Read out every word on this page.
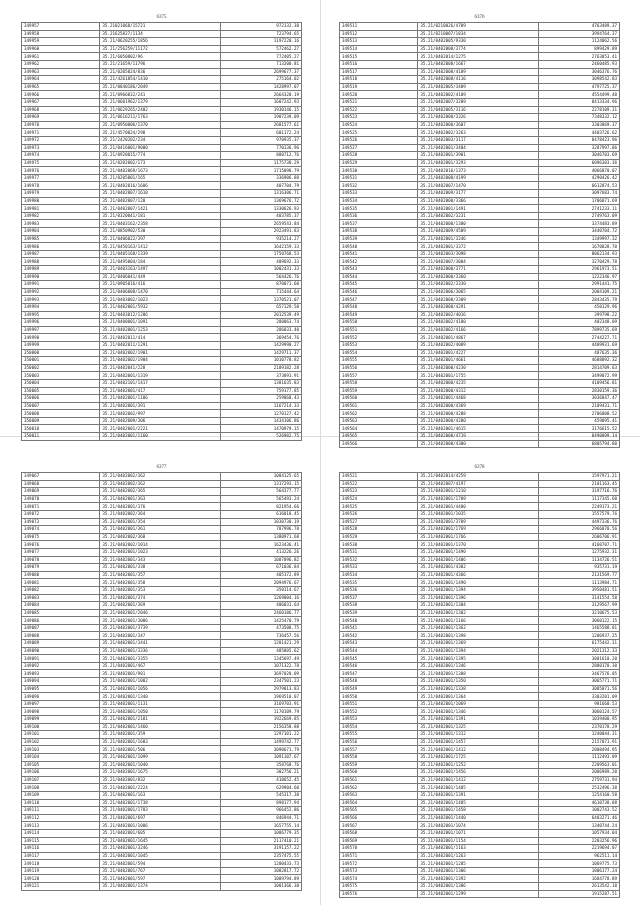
6375
349957	35.21021068/15721	972132.38
349958	35.21625827/1134	723794.65
349959	35.21/0620255/1856	1197220.16
349960	35.21/256259/11172	572462.27
349961	35.21/6050802/96	772405.27
349962	35.21/21659/11796	713200.81
349963	35.21/0205024/836	2699677.37
349964	35.21/4261854/1410	275164.02
349965	35.21/0840186/2049	1428997.07
349966	35.21/0966032/241	2664320.19
349967	35.21/0601962/1379	1607242.93
349968	35.21/0629265/2402	1930146.15
349969	35.21/0616211/1763	1987239.09
349970	35.21/0950006/1370	2681577.61
349971	35.21/4570024/298	601172.24
349972	35.21/2420202/234	970935.37
349973	35.21/0416001/9000	770136.96
349974	35.21/0920015/774	880712.76
349975	35.21/0202002/173	1175738.29
349976	35.21/0402069/1673	1715098.79
349977	35.21/0205001/165	336906.88
349978	35.21/0402016/1606	407704.79
349979	35.21/0402007/1610	1316306.71
349980	35.21/0402007/120	1369676.72
349981	35.21/0402007/1421	1330626.93
349982	35.21/0320041/181	403785.37
349983	35.21/0403162/2358	2659543.84
349984	35.21/0850902/530	2923491.83
349985	35.21/0406022/397	935214.27
349986	35.21/0450163/1412	1642159.33
349987	35.21/0405168/1339	1750768.53
349988	35.21/0495004/184	409692.33
349989	35.21/0403163/1497	1002431.33
349990	35.21/0406041/449	564426.76
349991	35.21/0905016/416	870071.60
349992	35.21/0406008/1470	715444.64
349993	35.21/0403002/1023	1370521.07
349994	35.21/0402001/5932	657129.50
349995	35.21/0403012/1286	2012539.49
349996	35.21/0400001/1091	280063.74
349997	35.21/0402001/1253	286033.40
349998	35.21/0402011/414	369454.76
349999	35.21/0402011/1291	1429990.27
350000	35.21/0402002/1901	1429711.37
350001	35.21/0402002/1904	1010778.82
350002	35.21/0402041/228	2189182.28
350003	35.21/0402001/1319	373891.91
350004	35.21/0402101/1417	1381635.83
350005	35.21/0402001/417	759177.85
350006	35.21/0402001/1106	259868.43
350007	35.21/0402001/391	1167214.33
350008	35.21/0402002/997	1270127.42
350009	35.21/0402009/306	1434106.86
350010	35.21/0402001/2221	1470979.15
350011	35.21/0402001/1160	526982.75
6376
349511	35.21/0210026/4709	4763489.37
349512	35.21/0210007/1834	3994764.37
349513	35.21/0402005/9330	1124062.56
349514	35.21/0402008/3774	899429.89
349515	35.21/0402014/1275	2763853.41
349516	35.21/0402008/1667	2460485.93
349517	35.21/0402008/4109	3046376.76
349518	35.21/0402008/4116	3098542.83
349519	35.21/0402005/3409	4797725.37
349520	35.21/0402002/4109	4554499.48
349521	35.21/0402007/3209	8413334.96
349522	35.21/0402005/3116	2278109.31
349523	35.21/0402008/3326	7348332.12
349524	35.21/0402000/3607	3303869.37
349525	35.21/0402002/3263	4403726.62
349526	35.21/0402003/3117	8478423.96
349527	35.21/0402001/3404	3287997.86
349528	35.21/0402001/3901	3046703.69
349529	35.21/0402001/3293	6096303.36
349530	35.21/0402016/1373	4066870.07
349531	35.21/0402008/4199	4290426.42
349532	35.21/0402007/1470	6612874.53
349533	35.21/0402009/3177	3097683.74
349534	35.21/0402000/3366	1706871.69
349535	35.21/0402001/1491	2741233.11
349536	35.21/0402002/3231	2749763.09
349537	35.21/0402000/1300	3374483.89
349538	35.21/0402009/4509	3440704.72
349539	35.21/0402001/3246	1349997.32
349540	35.21/0402001/3372	1670828.70
349541	35.21/0402003/3098	8062134.93
349542	35.21/0402007/3004	3270429.78
349543	35.21/0402000/3771	2961973.51
349544	35.21/0402000/3360	1222346.97
349545	35.21/0402002/3330	2991441.75
349546	35.21/0402006/3065	2004109.21
349547	35.21/0402008/3309	2843435.79
349548	35.21/0402000/4291	450129.96
349549	35.21/0402002/4016	399798.22
349550	35.21/0402002/4100	402348.09
349551	35.21/0402002/4166	7899735.69
349552	35.21/0402001/4867	2744227.71
349553	35.21/0402002/4089	4409931.69
349554	35.21/0402001/4227	487635.36
349555	35.21/0402001/4661	4688092.32
349556	35.21/0402000/4230	2814709.63
349557	35.21/0402001/1755	3499072.99
349558	35.21/0402000/4235	4109456.81
349559	35.21/0402000/4312	2830159.36
349560	35.21/0402001/4468	3036847.47
349561	35.21/0402000/4369	2109431.71
349562	35.21/0402000/4208	2706008.52
349563	35.21/0402000/4200	459095.41
349564	35.21/0402001/4615	3176615.52
349565	35.21/0402000/4719	8490099.14
349566	35.21/0402000/4300	6805794.80
6377
349067	35.21/0402002/362	1084125.65
349068	35.21/0402002/362	1317293.15
349069	35.21/0402002/365	564377.77
349070	35.21/0402001/363	565493.24
349071	35.21/0402001/376	821954.66
349072	35.21/0402002/364	616018.45
349073	35.21/0402001/354	1030730.19
349074	35.21/0402001/361	787996.78
349075	35.21/0402002/368	1380971.68
349076	35.21/0402002/1014	1623436.41
349077	35.21/0402001/1023	413226.26
349078	35.21/0402001/343	1007096.82
349079	35.21/0402001/338	671036.84
349080	35.21/0402001/357	405172.89
349081	35.21/0402001/358	2094976.67
349082	35.21/0402001/353	350114.67
349083	35.21/0402001/374	1269004.16
349084	35.21/0402001/369	406031.64
349085	35.21/0402001/2046	2460186.77
349086	35.21/0402001/3006	1425470.79
349087	35.21/0402001/3739	473508.75
349088	35.21/0402001/347	736457.56
349089	35.21/0402001/3441	1201421.29
349090	35.21/0402001/3336	485805.62
349091	35.21/0402001/3355	1345697.49
349092	35.21/0402001/467	1071322.78
349093	35.21/0402001/901	3697020.09
349094	35.21/0402001/1002	2347501.23
349095	35.21/0402001/1056	2979013.83
349096	35.21/0402001/1340	1969510.07
349097	35.21/0402001/1131	3169703.91
349098	35.21/0402001/1050	1170109.79
349099	35.21/0402001/2181	1922669.85
349100	35.21/0402001/1460	2156358.88
349101	35.21/0402001/359	1297101.22
349102	35.21/0402001/1603	1499742.77
349103	35.21/0402001/506	3090671.79
349104	35.21/0402001/1099	1091107.67
349105	35.21/0402001/1040	358768.76
349106	35.21/0402001/1675	302756.21
349107	35.21/0402001/832	410652.45
349108	35.21/0402001/2224	629904.60
349109	35.21/0402001/163	545317.30
349110	35.21/0402001/1738	898177.94
349111	35.21/0402001/1703	966452.86
349112	35.21/0402001/697	846944.71
349113	35.21/0402001/1006	1657755.14
349114	35.21/0402001/605	1086779.35
349115	35.21/0402001/1645	2117410.21
349116	35.21/0402001/3246	3191157.22
349117	35.21/0402001/1045	2357475.55
349118	35.21/0402001/594	1200433.73
349119	35.21/0402001/767	1082817.72
349120	35.21/0402001/597	1089794.89
349121	35.21/0402001/1374	1001366.30
6378
349521	35.21/0402014/4259	1597971.21
349522	35.21/0402007/4197	2101163.45
349523	35.21/0402001/1210	3197716.76
349524	35.21/0402001/1709	1117345.60
349525	35.21/0402001/4400	2249173.21
349526	35.21/0402001/1035	1557579.76
349527	35.21/0402001/3709	4497336.76
349528	35.21/0402001/1769	2966070.56
349529	35.21/0402001/1766	2606706.91
349530	35.21/0402001/1370	4160707.71
349531	35.21/0402001/1490	1275932.31
349532	35.21/0402001/1406	1134726.51
349533	35.21/0402001/4302	935731.19
349534	35.21/0402001/4366	2131569.77
349535	35.21/0402001/1490	1113984.71
349536	35.21/0402001/1394	3950481.51
349537	35.21/0402001/1396	3141554.58
349538	35.21/0402001/1304	3129567.99
349539	35.21/0402001/1302	3210675.53
349540	35.21/0402001/1166	3060122.15
349541	35.21/0402001/1362	1465588.01
349542	35.21/0402001/1398	1206937.25
349543	35.21/0402001/1369	6175442.31
349544	35.21/0402001/1394	2021312.33
349545	35.21/0402001/1395	3001610.20
349546	35.21/0402001/1346	2880170.30
349547	35.21/0402001/1308	3467576.05
349548	35.21/0402001/1350	3065771.71
349549	35.21/0402001/1338	3085071.56
349550	35.21/0402001/1364	3303201.09
349551	35.21/0402001/1069	981660.53
349552	35.21/0402001/1346	3060124.57
349553	35.21/0402001/1391	1039400.95
349554	35.21/0402001/1325	2370178.29
349555	35.21/0402001/1312	1240044.31
349556	35.21/0402001/1457	2157071.91
349557	35.21/0402001/1412	2008494.95
349558	35.21/0402001/1725	1112493.09
349559	35.21/0402001/1252	2209563.01
349560	35.21/0402001/1456	2086989.20
349561	35.21/0402001/1412	2759731.94
349562	35.21/0402001/1405	2532496.38
349563	35.21/0402001/1391	1254160.58
349564	35.21/0402001/1405	4610738.88
349565	35.21/0402001/1458	1002743.52
349566	35.21/0402001/1440	6403271.46
349567	35.21/0402001/1074	1340744.24
349568	35.21/0402001/1071	1057934.04
349569	35.21/0402001/1154	2203256.96
349570	35.21/0402001/1163	2219694.07
349571	35.21/0402001/1263	962511.14
349572	35.21/0402001/1205	1069775.73
349573	35.21/0402001/1306	1806177.24
349574	35.21/0402001/1392	1684778.89
349575	35.21/0402001/1306	2613542.18
349576	35.21/0402001/1299	1915287.51
